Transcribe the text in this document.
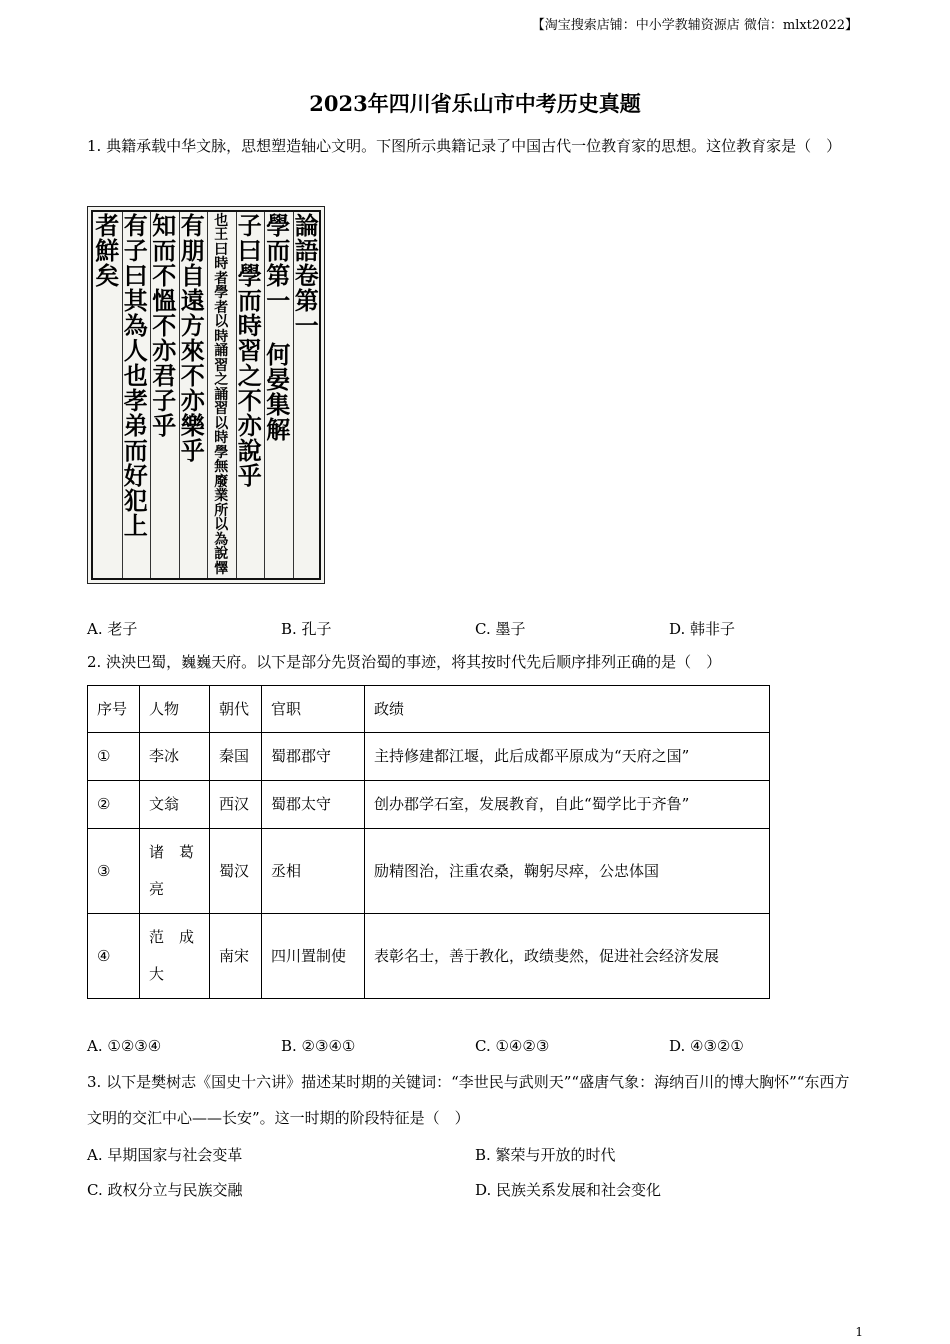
【淘宝搜索店铺：中小学教辅资源店 微信：mlxt2022】
2023年四川省乐山市中考历史真题
1. 典籍承载中华文脉，思想塑造轴心文明。下图所示典籍记录了中国古代一位教育家的思想。这位教育家是（　）
論
語
卷
第
一
學
而
第
一

何
晏
集
解
子
曰
學
而
時
習
之
不
亦
說
乎
也
王
曰
時
者
學
者
以
時
誦
習
之
誦
習
以
時
學
無
廢
業
所
以
為
說
懌
有
朋
自
遠
方
來
不
亦
樂
乎
知
而
不
慍
不
亦
君
子
乎
有
子
曰
其
為
人
也
孝
弟
而
好
犯
上
者
鮮
矣
A. 老子	B. 孔子	C. 墨子	D. 韩非子
2. 泱泱巴蜀，巍巍天府。以下是部分先贤治蜀的事迹，将其按时代先后顺序排列正确的是（　）
序号	人物	朝代	官职	政绩
①	李冰	秦国	蜀郡郡守	主持修建都江堰，此后成都平原成为“天府之国”
②	文翁	西汉	蜀郡太守	创办郡学石室，发展教育，自此“蜀学比于齐鲁”
③	诸　葛亮	蜀汉	丞相	励精图治，注重农桑，鞠躬尽瘁，公忠体国
④	范　成大	南宋	四川置制使	表彰名士，善于教化，政绩斐然，促进社会经济发展
A. ①②③④	B. ②③④①	C. ①④②③	D. ④③②①
3. 以下是樊树志《国史十六讲》描述某时期的关键词：“李世民与武则天”“盛唐气象：海纳百川的博大胸怀”“东西方文明的交汇中心——长安”。这一时期的阶段特征是（　）
A. 早期国家与社会变革	B. 繁荣与开放的时代
C. 政权分立与民族交融	D. 民族关系发展和社会变化
1
